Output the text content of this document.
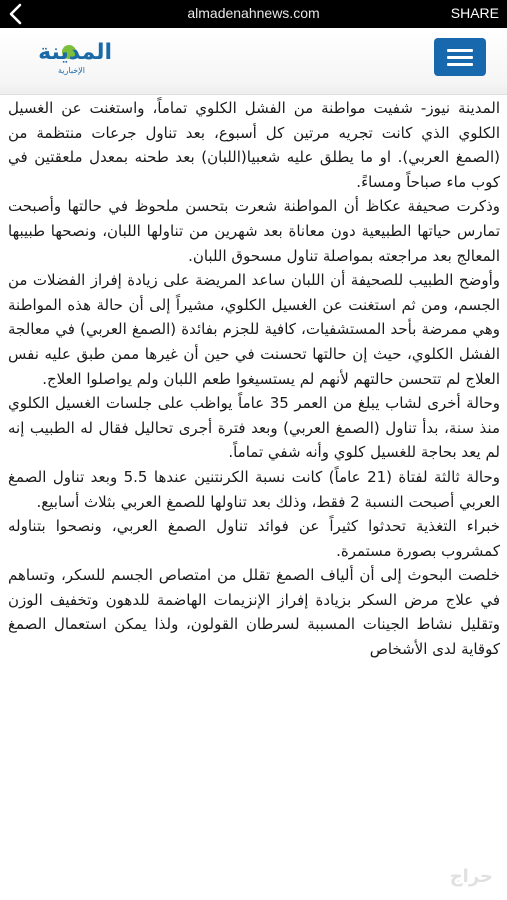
almadenahnews.com	SHARE
المدينة
الإخبارية

المدينة نيوز- شفيت مواطنة من الفشل الكلوي تماماً، واستغنت عن الغسيل الكلوي الذي كانت تجريه مرتين كل أسبوع، بعد تناول جرعات منتظمة من (الصمغ العربي). او ما يطلق عليه شعبيا(اللبان) بعد طحنه بمعدل ملعقتين في كوب ماء صباحاً ومساءً.

وذكرت صحيفة عكاظ أن المواطنة شعرت بتحسن ملحوظ في حالتها وأصبحت تمارس حياتها الطبيعية دون معاناة بعد شهرين من تناولها اللبان، ونصحها طبيبها المعالج بعد مراجعته بمواصلة تناول مسحوق اللبان.

وأوضح الطبيب للصحيفة أن اللبان ساعد المريضة على زيادة إفراز الفضلات من الجسم، ومن ثم استغنت عن الغسيل الكلوي، مشيراً إلى أن حالة هذه المواطنة وهي ممرضة بأحد المستشفيات، كافية للجزم بفائدة (الصمغ العربي) في معالجة الفشل الكلوي، حيث إن حالتها تحسنت في حين أن غيرها ممن طبق عليه نفس العلاج لم تتحسن حالتهم لأنهم لم يستسيغوا طعم اللبان ولم يواصلوا العلاج.

وحالة أخرى لشاب يبلغ من العمر 35 عاماً يواظب على جلسات الغسيل الكلوي منذ سنة، بدأ تناول (الصمغ العربي) وبعد فترة أجرى تحاليل فقال له الطبيب إنه لم يعد بحاجة للغسيل كلوي وأنه شفي تماماً.

وحالة ثالثة لفتاة (21 عاماً) كانت نسبة الكرنتنين عندها 5.5 وبعد تناول الصمغ العربي أصبحت النسبة 2 فقط، وذلك بعد تناولها للصمغ العربي بثلاث أسابيع.

خبراء التغذية تحدثوا كثيراً عن فوائد تناول الصمغ العربي، ونصحوا بتناوله كمشروب بصورة مستمرة.

خلصت البحوث إلى أن ألياف الصمغ تقلل من امتصاص الجسم للسكر، وتساهم في علاج مرض السكر بزيادة إفراز الإنزيمات الهاضمة للدهون وتخفيف الوزن وتقليل نشاط الجينات المسببة لسرطان القولون، ولذا يمكن استعمال الصمغ كوقاية لدى الأشخاص

حراج
